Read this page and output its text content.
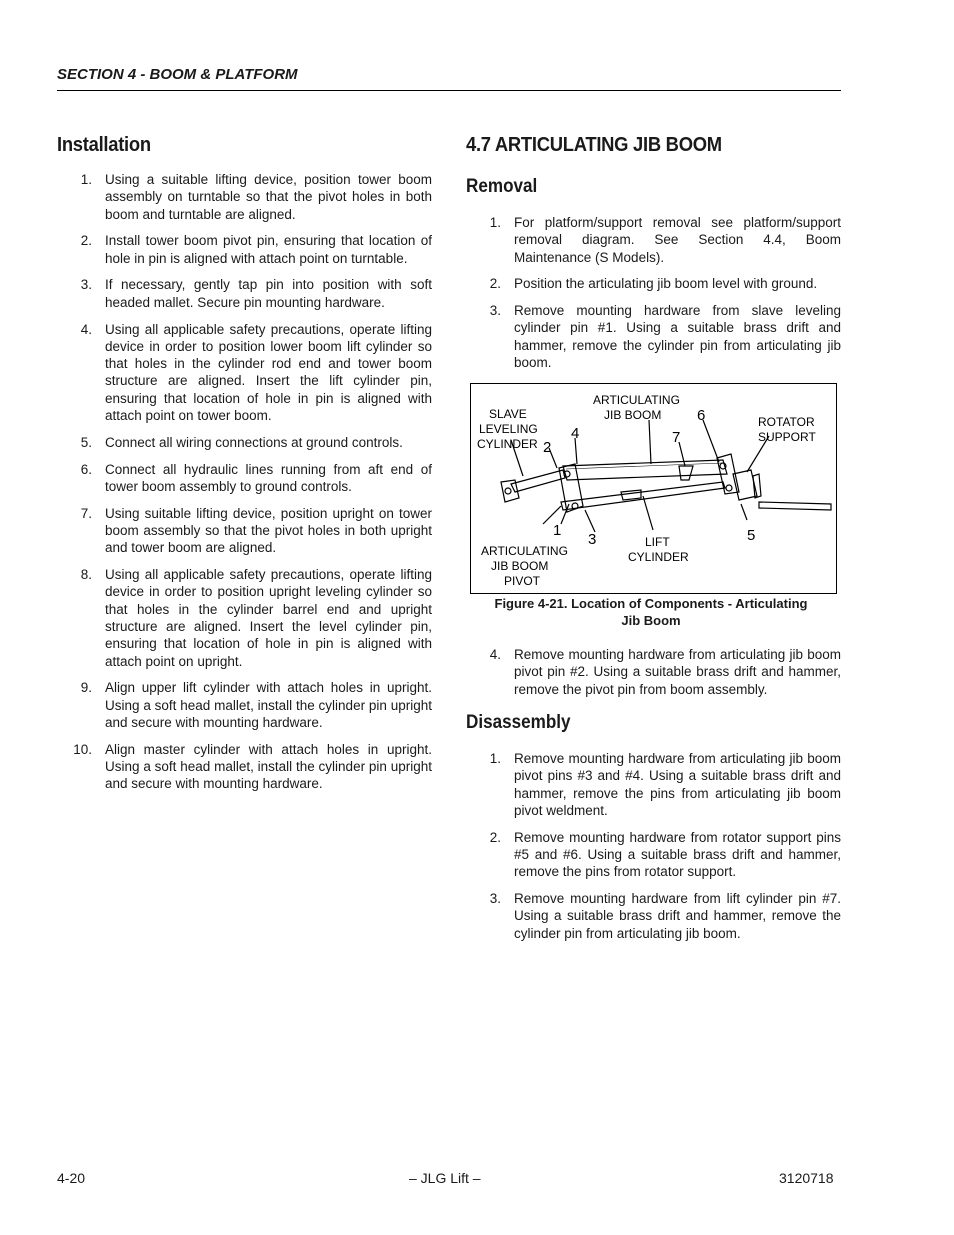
SECTION 4 - BOOM & PLATFORM
Installation
1. Using a suitable lifting device, position tower boom assembly on turntable so that the pivot holes in both boom and turntable are aligned.
2. Install tower boom pivot pin, ensuring that location of hole in pin is aligned with attach point on turntable.
3. If necessary, gently tap pin into position with soft headed mallet. Secure pin mounting hardware.
4. Using all applicable safety precautions, operate lifting device in order to position lower boom lift cylinder so that holes in the cylinder rod end and tower boom structure are aligned. Insert the lift cylinder pin, ensuring that location of hole in pin is aligned with attach point on tower boom.
5. Connect all wiring connections at ground controls.
6. Connect all hydraulic lines running from aft end of tower boom assembly to ground controls.
7. Using suitable lifting device, position upright on tower boom assembly so that the pivot holes in both upright and tower boom are aligned.
8. Using all applicable safety precautions, operate lifting device in order to position upright leveling cylinder so that holes in the cylinder barrel end and upright structure are aligned. Insert the level cylinder pin, ensuring that location of hole in pin is aligned with attach point on upright.
9. Align upper lift cylinder with attach holes in upright. Using a soft head mallet, install the cylinder pin upright and secure with mounting hardware.
10. Align master cylinder with attach holes in upright. Using a soft head mallet, install the cylinder pin upright and secure with mounting hardware.
4.7 ARTICULATING JIB BOOM
Removal
1. For platform/support removal see platform/support removal diagram. See Section 4.4, Boom Maintenance (S Models).
2. Position the articulating jib boom level with ground.
3. Remove mounting hardware from slave leveling cylinder pin #1. Using a suitable brass drift and hammer, remove the cylinder pin from articulating jib boom.
SLAVE
LEVELING
CYLINDER
ARTICULATING
JIB BOOM	ROTATOR
SUPPORT
ARTICULATING
JIB BOOM
PIVOT
LIFT
CYLINDER
1
2
3
4
5
6
7
Figure 4-21. Location of Components - Articulating
Jib Boom
4. Remove mounting hardware from articulating jib boom pivot pin #2. Using a suitable brass drift and hammer, remove the pivot pin from boom assembly.
Disassembly
1. Remove mounting hardware from articulating jib boom pivot pins #3 and #4. Using a suitable brass drift and hammer, remove the pins from articulating jib boom pivot weldment.
2. Remove mounting hardware from rotator support pins #5 and #6. Using a suitable brass drift and hammer, remove the pins from rotator support.
3. Remove mounting hardware from lift cylinder pin #7. Using a suitable brass drift and hammer, remove the cylinder pin from articulating jib boom.
4-20	– JLG Lift –	3120718
